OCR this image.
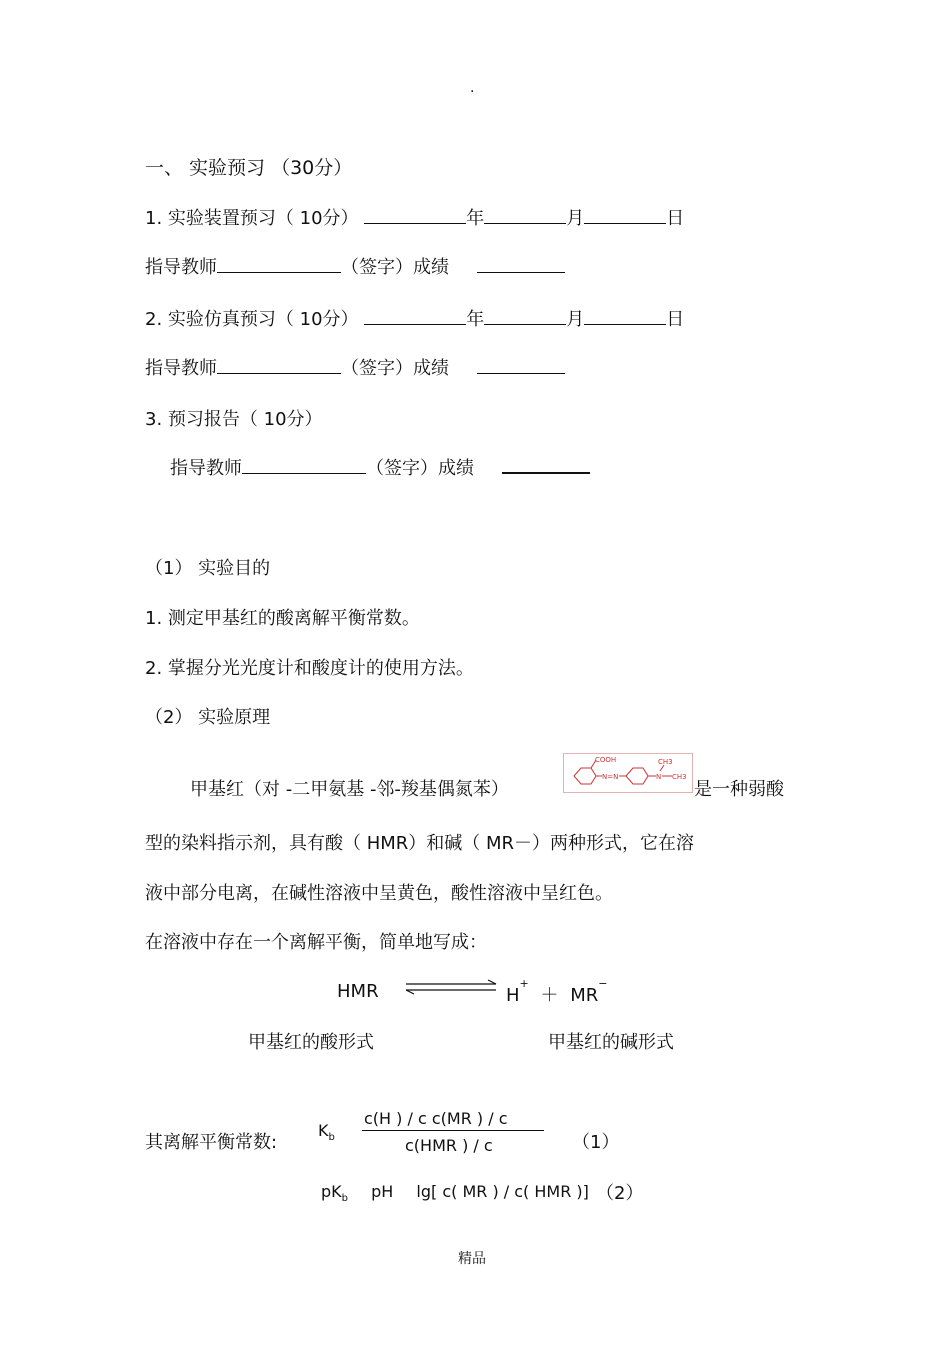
.
一、 实验预习 （30分）
1. 实验装置预习（ 10分）	年	月	日
指导教师	（签字）成绩
2. 实验仿真预习（ 10分）	年	月	日
指导教师	（签字）成绩
3. 预习报告（ 10分）
指导教师	（签字）成绩
（1） 实验目的
1. 测定甲基红的酸离解平衡常数。
2. 掌握分光光度计和酸度计的使用方法。
（2） 实验原理
甲基红（对 -二甲氨基 -邻-羧基偶氮苯）
COOH
N=N	N
CH3
CH3
是一种弱酸
型的染料指示剂，具有酸（ HMR）和碱（ MR－）两种形式，它在溶
液中部分电离，在碱性溶液中呈黄色，酸性溶液中呈红色。
在溶液中存在一个离解平衡，简单地写成：
HMR	H+ ＋ MR−
甲基红的酸形式	甲基红的碱形式
其离解平衡常数:
$K_b$
c(H ) / c c(MR ) / c
c(HMR ) / c	（1）
$pK_b$ pH lg[ c( MR ) / c( HMR )] （2）
精品
